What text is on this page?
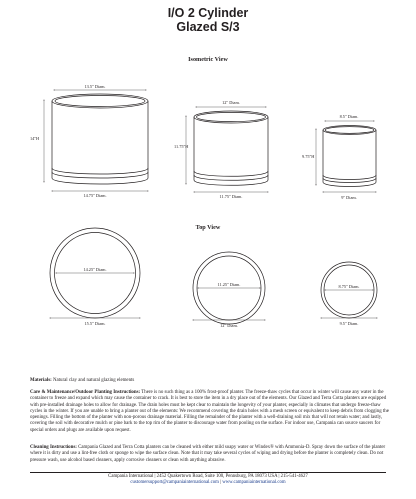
I/O 2 Cylinder
Glazed S/3
Isometric View
Top View
13.5" Diam.
14"H
14.75" Diam.
12" Diam.
11.75"H
11.75" Diam.
8.5" Diam.
9.75"H
9" Diam.
14.25" Diam.
15.5" Diam.
11.25" Diam.
12" Diam.
8.75" Diam.
9.5" Diam.
Materials: Natural clay and natural glazing elements
Care & Maintenance/Outdoor Planting Instructions: There is no such thing as a 100% frost-proof planter. The freeze-thaw cycles that occur in winter will cause any water in the container to freeze and expand which may cause the container to crack. It is best to store the item in a dry place out of the elements. Our Glazed and Terra Cotta planters are equipped with pre-installed drainage holes to allow for drainage. The drain holes must be kept clear to maintain the longevity of your planter, especially in climates that undergo freeze-thaw cycles in the winter. If you are unable to bring a planter out of the elements: We recommend covering the drain holes with a mesh screen or equivalent to keep debris from clogging the openings. Filling the bottom of the planter with non-porous drainage material. Filling the remainder of the planter with a well-draining soil mix that will not retain water; and lastly, covering the soil with decorative mulch or pine bark to the top rim of the planter to discourage water from pooling on the surface. For indoor use, Campania can source saucers for special orders and plugs are available upon request.
Cleaning Instructions: Campania Glazed and Terra Cotta planters can be cleaned with either mild soapy water or Windex® with Ammonia-D. Spray down the surface of the planter where it is dirty and use a lint-free cloth or sponge to wipe the surface clean. Note that it may take several cycles of wiping and drying before the planter is completely clean. Do not pressure wash, use alcohol based cleaners, apply corrosive cleaners or clean with anything abrasive.
Campania International | 2452 Quakertown Road, Suite 100, Pennsburg, PA 18073 USA | 215-541-4627
customersupport@campaniainternational.com | www.campaniainternational.com
